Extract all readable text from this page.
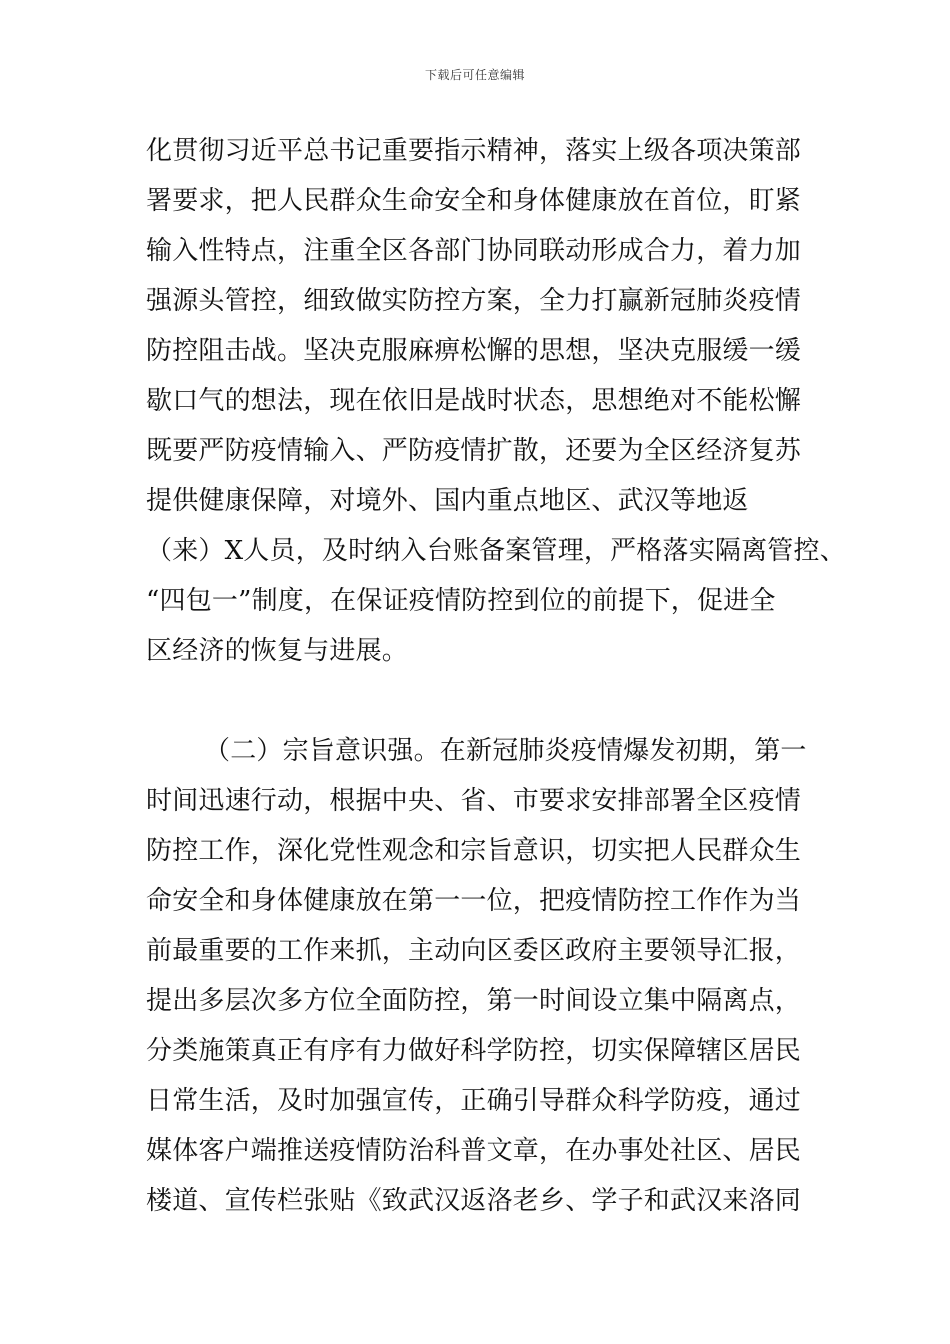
下载后可任意编辑
化贯彻习近平总书记重要指示精神，落实上级各项决策部
署要求，把人民群众生命安全和身体健康放在首位，盯紧
输入性特点，注重全区各部门协同联动形成合力，着力加
强源头管控，细致做实防控方案，全力打赢新冠肺炎疫情
防控阻击战。坚决克服麻痹松懈的思想，坚决克服缓一缓
歇口气的想法，现在依旧是战时状态，思想绝对不能松懈
既要严防疫情输入、严防疫情扩散，还要为全区经济复苏
提供健康保障，对境外、国内重点地区、武汉等地返
（来）X人员，及时纳入台账备案管理，严格落实隔离管控、
“四包一”制度，在保证疫情防控到位的前提下，促进全
区经济的恢复与进展。
（二）宗旨意识强。在新冠肺炎疫情爆发初期，第一
时间迅速行动，根据中央、省、市要求安排部署全区疫情
防控工作，深化党性观念和宗旨意识，切实把人民群众生
命安全和身体健康放在第一一位，把疫情防控工作作为当
前最重要的工作来抓，主动向区委区政府主要领导汇报，
提出多层次多方位全面防控，第一时间设立集中隔离点，
分类施策真正有序有力做好科学防控，切实保障辖区居民
日常生活，及时加强宣传，正确引导群众科学防疫，通过
媒体客户端推送疫情防治科普文章，在办事处社区、居民
楼道、宣传栏张贴《致武汉返洛老乡、学子和武汉来洛同
